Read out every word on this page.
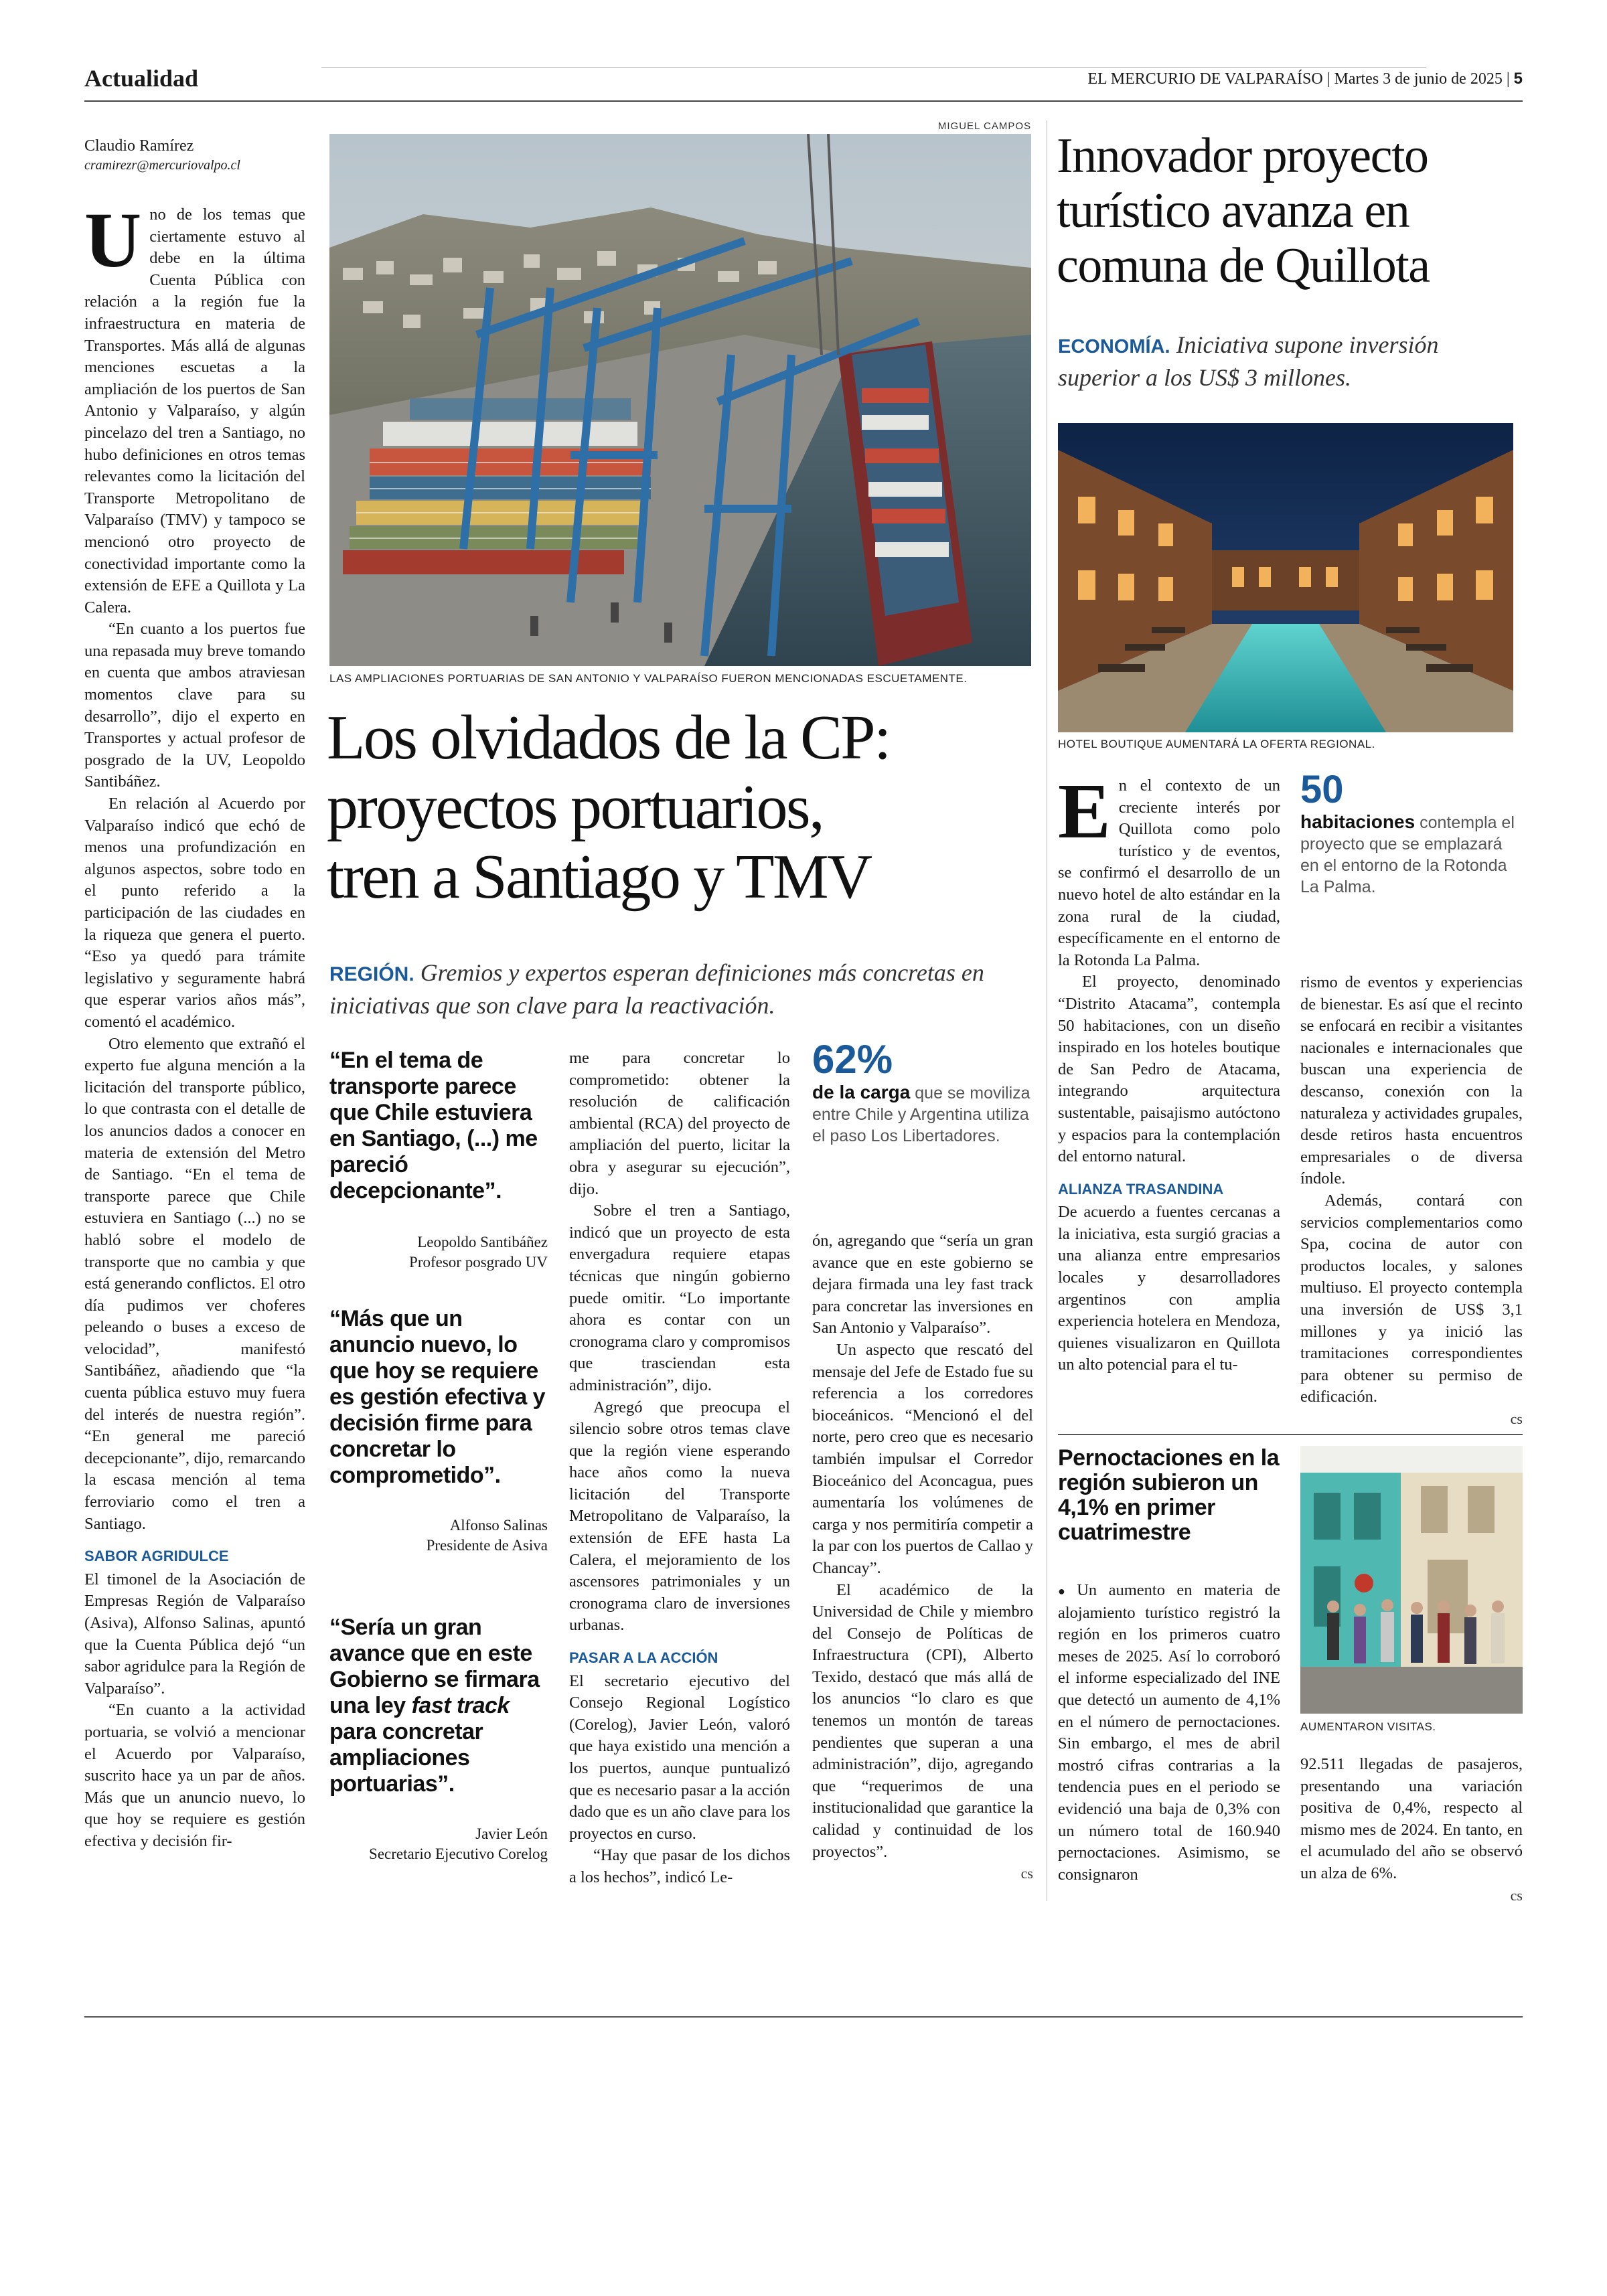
Actualidad	EL MERCURIO DE VALPARAÍSO | Martes 3 de junio de 2025 | 5
Claudio Ramírez
cramirezr@mercuriovalpo.cl

Uno de los temas que ciertamente estuvo al debe en la última Cuenta Pública con relación a la región fue la infraestructura en materia de Transportes. Más allá de algunas menciones escuetas a la ampliación de los puertos de San Antonio y Valparaíso, y algún pincelazo del tren a Santiago, no hubo definiciones en otros temas relevantes como la licitación del Transporte Metropolitano de Valparaíso (TMV) y tampoco se mencionó otro proyecto de conectividad importante como la extensión de EFE a Quillota y La Calera.

“En cuanto a los puertos fue una repasada muy breve tomando en cuenta que ambos atraviesan momentos clave para su desarrollo”, dijo el experto en Transportes y actual profesor de posgrado de la UV, Leopoldo Santibáñez.

En relación al Acuerdo por Valparaíso indicó que echó de menos una profundización en algunos aspectos, sobre todo en el punto referido a la participación de las ciudades en la riqueza que genera el puerto. “Eso ya quedó para trámite legislativo y seguramente habrá que esperar varios años más”, comentó el académico.

Otro elemento que extrañó el experto fue alguna mención a la licitación del transporte público, lo que contrasta con el detalle de los anuncios dados a conocer en materia de extensión del Metro de Santiago. “En el tema de transporte parece que Chile estuviera en Santiago (...) no se habló sobre el modelo de transporte que no cambia y que está generando conflictos. El otro día pudimos ver choferes peleando o buses a exceso de velocidad”, manifestó Santibáñez, añadiendo que “la cuenta pública estuvo muy fuera del interés de nuestra región”. “En general me pareció decepcionante”, dijo, remarcando la escasa mención al tema ferroviario como el tren a Santiago.

SABOR AGRIDULCE

El timonel de la Asociación de Empresas Región de Valparaíso (Asiva), Alfonso Salinas, apuntó que la Cuenta Pública dejó “un sabor agridulce para la Región de Valparaíso”.

“En cuanto a la actividad portuaria, se volvió a mencionar el Acuerdo por Valparaíso, suscrito hace ya un par de años. Más que un anuncio nuevo, lo que hoy se requiere es gestión efectiva y decisión fir-

MIGUEL CAMPOS
LAS AMPLIACIONES PORTUARIAS DE SAN ANTONIO Y VALPARAÍSO FUERON MENCIONADAS ESCUETAMENTE.
Los olvidados de la CP:
proyectos portuarios,
tren a Santiago y TMV
REGIÓN. Gremios y expertos esperan definiciones más concretas en iniciativas que son clave para la reactivación.
“En el tema de transporte parece que Chile estuviera en Santiago, (...) me pareció decepcionante”.
Leopoldo Santibáñez
Profesor posgrado UV
“Más que un anuncio nuevo, lo que hoy se requiere es gestión efectiva y decisión firme para concretar lo comprometido”.
Alfonso Salinas
Presidente de Asiva
“Sería un gran avance que en este Gobierno se firmara una ley fast track para concretar ampliaciones portuarias”.
Javier León
Secretario Ejecutivo Corelog

me para concretar lo comprometido: obtener la resolución de calificación ambiental (RCA) del proyecto de ampliación del puerto, licitar la obra y asegurar su ejecución”, dijo.

Sobre el tren a Santiago, indicó que un proyecto de esta envergadura requiere etapas técnicas que ningún gobierno puede omitir. “Lo importante ahora es contar con un cronograma claro y compromisos que trasciendan esta administración”, dijo.

Agregó que preocupa el silencio sobre otros temas clave que la región viene esperando hace años como la nueva licitación del Transporte Metropolitano de Valparaíso, la extensión de EFE hasta La Calera, el mejoramiento de los ascensores patrimoniales y un cronograma claro de inversiones urbanas.

PASAR A LA ACCIÓN

El secretario ejecutivo del Consejo Regional Logístico (Corelog), Javier León, valoró que haya existido una mención a los puertos, aunque puntualizó que es necesario pasar a la acción dado que es un año clave para los proyectos en curso.

“Hay que pasar de los dichos a los hechos”, indicó Le-

62%
de la carga que se moviliza entre Chile y Argentina utiliza el paso Los Libertadores.

ón, agregando que “sería un gran avance que en este gobierno se dejara firmada una ley fast track para concretar las inversiones en San Antonio y Valparaíso”.

Un aspecto que rescató del mensaje del Jefe de Estado fue su referencia a los corredores bioceánicos. “Mencionó el del norte, pero creo que es necesario también impulsar el Corredor Bioceánico del Aconcagua, pues aumentaría los volúmenes de carga y nos permitiría competir a la par con los puertos de Callao y Chancay”.

El académico de la Universidad de Chile y miembro del Consejo de Políticas de Infraestructura (CPI), Alberto Texido, destacó que más allá de los anuncios “lo claro es que tenemos un montón de tareas pendientes que superan a una administración”, dijo, agregando que “requerimos de una institucionalidad que garantice la calidad y continuidad de los proyectos”.

cs
Innovador proyecto
turístico avanza en
comuna de Quillota
ECONOMÍA. Iniciativa supone inversión superior a los US$ 3 millones.
HOTEL BOUTIQUE AUMENTARÁ LA OFERTA REGIONAL.

En el contexto de un creciente interés por Quillota como polo turístico y de eventos, se confirmó el desarrollo de un nuevo hotel de alto estándar en la zona rural de la ciudad, específicamente en el entorno de la Rotonda La Palma.

El proyecto, denominado “Distrito Atacama”, contempla 50 habitaciones, con un diseño inspirado en los hoteles boutique de San Pedro de Atacama, integrando arquitectura sustentable, paisajismo autóctono y espacios para la contemplación del entorno natural.

ALIANZA TRASANDINA

De acuerdo a fuentes cercanas a la iniciativa, esta surgió gracias a una alianza entre empresarios locales y desarrolladores argentinos con amplia experiencia hotelera en Mendoza, quienes visualizaron en Quillota un alto potencial para el tu-

50
habitaciones contempla el proyecto que se emplazará en el entorno de la Rotonda La Palma.

rismo de eventos y experiencias de bienestar. Es así que el recinto se enfocará en recibir a visitantes nacionales e internacionales que buscan una experiencia de descanso, conexión con la naturaleza y actividades grupales, desde retiros hasta encuentros empresariales o de diversa índole.

Además, contará con servicios complementarios como Spa, cocina de autor con productos locales, y salones multiuso. El proyecto contempla una inversión de US$ 3,1 millones y ya inició las tramitaciones correspondientes para obtener su permiso de edificación.

cs
Pernoctaciones en la región subieron un 4,1% en primer cuatrimestre

● Un aumento en materia de alojamiento turístico registró la región en los primeros cuatro meses de 2025. Así lo corroboró el informe especializado del INE que detectó un aumento de 4,1% en el número de pernoctaciones. Sin embargo, el mes de abril mostró cifras contrarias a la tendencia pues en el periodo se evidenció una baja de 0,3% con un número total de 160.940 pernoctaciones. Asimismo, se consignaron

AUMENTARON VISITAS.

92.511 llegadas de pasajeros, presentando una variación positiva de 0,4%, respecto al mismo mes de 2024. En tanto, en el acumulado del año se observó un alza de 6%.

cs
